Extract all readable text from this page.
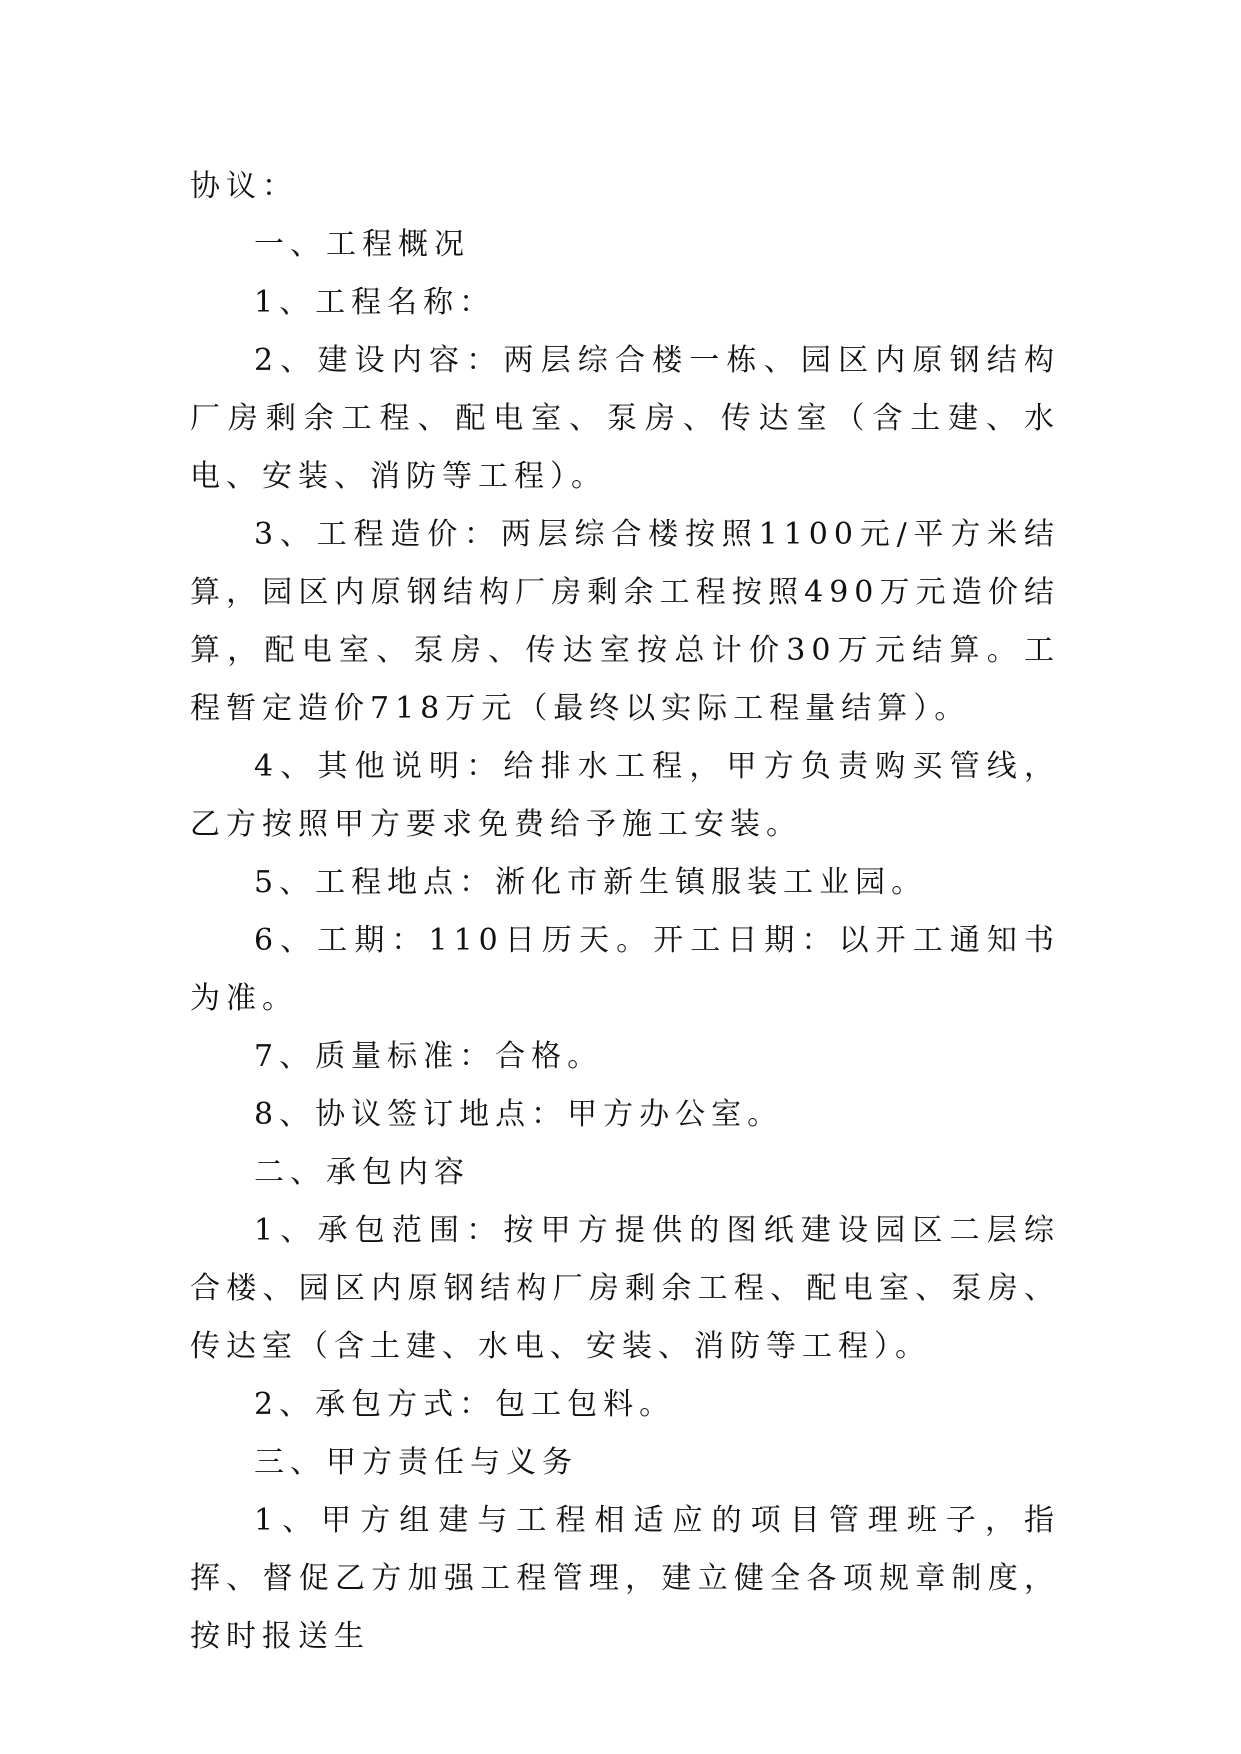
协议：

一、工程概况

1、工程名称：

2、建设内容：两层综合楼一栋、园区内原钢结构厂房剩余工程、配电室、泵房、传达室（含土建、水电、安装、消防等工程）。

3、工程造价：两层综合楼按照1100元/平方米结算，园区内原钢结构厂房剩余工程按照490万元造价结算，配电室、泵房、传达室按总计价30万元结算。工程暂定造价718万元（最终以实际工程量结算）。

4、其他说明：给排水工程，甲方负责购买管线，乙方按照甲方要求免费给予施工安装。

5、工程地点：淅化市新生镇服装工业园。

6、工期：110日历天。开工日期：以开工通知书为准。

7、质量标准：合格。

8、协议签订地点：甲方办公室。

二、承包内容

1、承包范围：按甲方提供的图纸建设园区二层综合楼、园区内原钢结构厂房剩余工程、配电室、泵房、传达室（含土建、水电、安装、消防等工程）。

2、承包方式：包工包料。

三、甲方责任与义务

1、甲方组建与工程相适应的项目管理班子，指挥、督促乙方加强工程管理，建立健全各项规章制度，按时报送生
